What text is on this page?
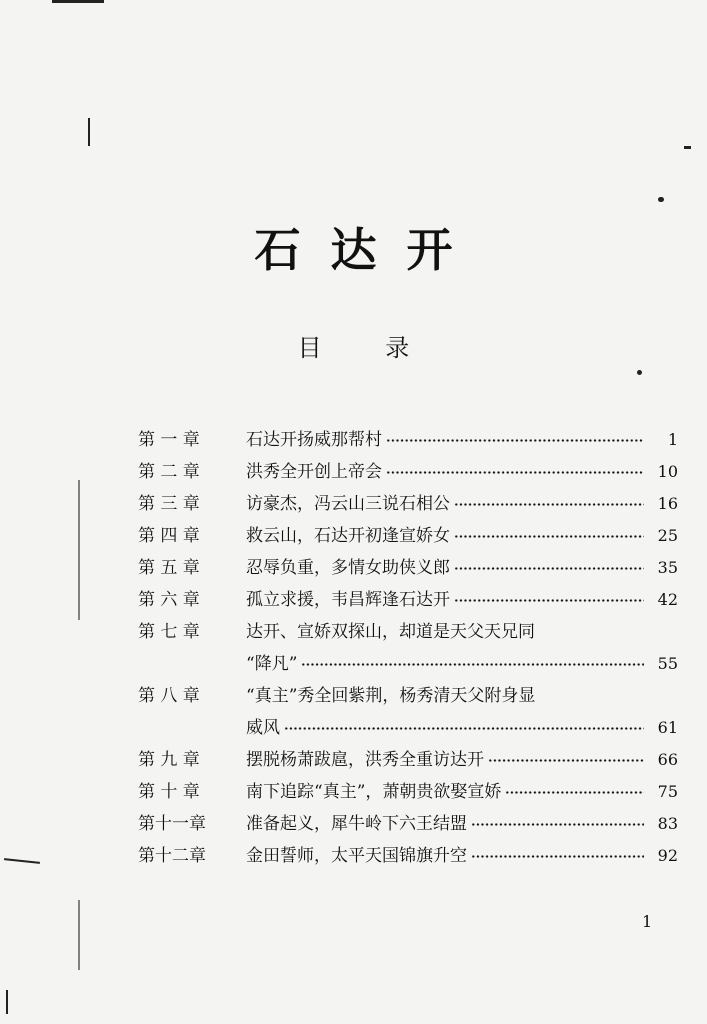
石达开
目 录
第 一 章	石达开扬威那帮村	1
第 二 章	洪秀全开创上帝会	10
第 三 章	访豪杰，冯云山三说石相公	16
第 四 章	救云山，石达开初逢宣娇女	25
第 五 章	忍辱负重，多情女助侠义郎	35
第 六 章	孤立求援，韦昌辉逢石达开	42
第 七 章	达开、宣娇双探山，却道是天父天兄同
“降凡”	55
第 八 章	“真主”秀全回紫荆，杨秀清天父附身显
威风	61
第 九 章	摆脱杨萧跋扈，洪秀全重访达开	66
第 十 章	南下追踪“真主”，萧朝贵欲娶宣娇	75
第十一章	准备起义，犀牛岭下六王结盟	83
第十二章	金田誓师，太平天国锦旗升空	92
1
